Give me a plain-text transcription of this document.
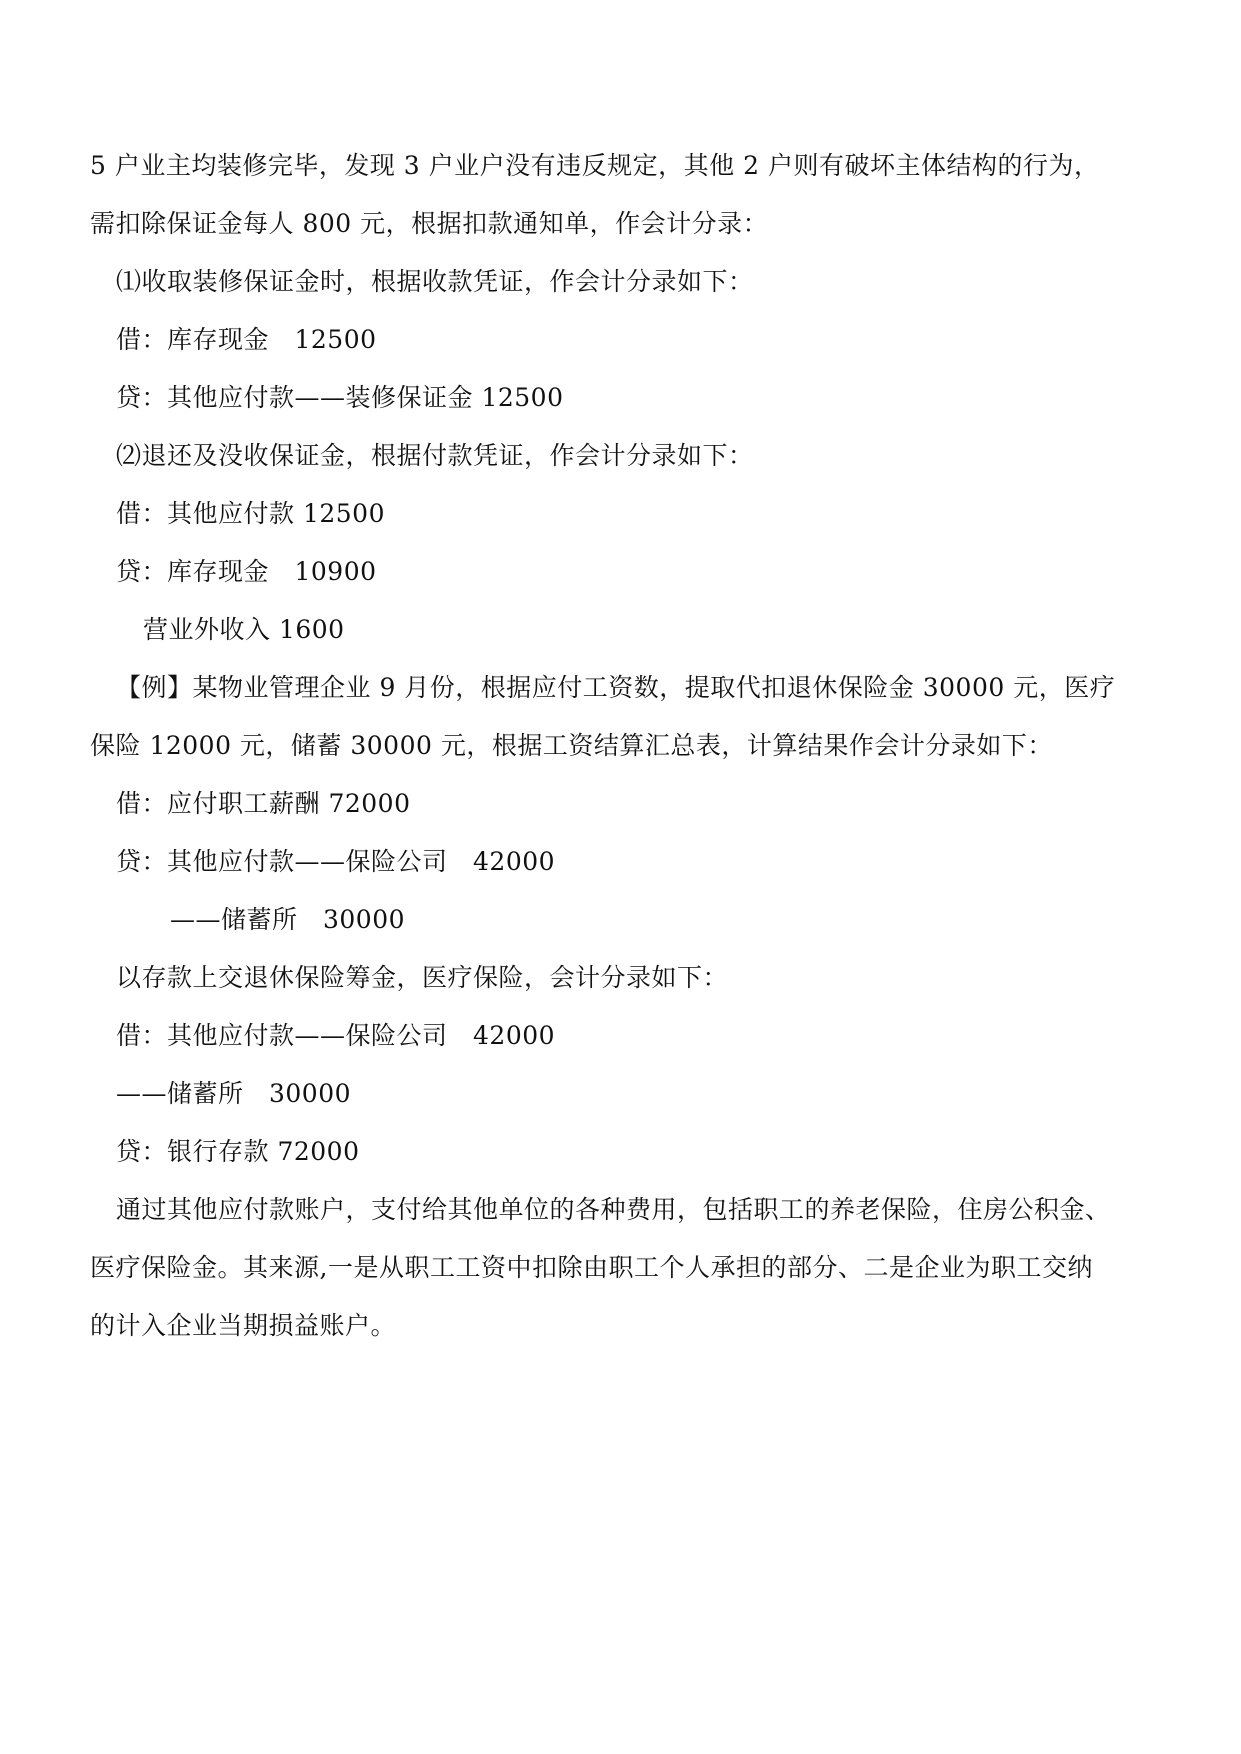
5 户业主均装修完毕，发现 3 户业户没有违反规定，其他 2 户则有破坏主体结构的行为，
需扣除保证金每人 800 元，根据扣款通知单，作会计分录：
⑴收取装修保证金时，根据收款凭证，作会计分录如下：
借：库存现金　12500
贷：其他应付款——装修保证金 12500
⑵退还及没收保证金，根据付款凭证，作会计分录如下：
借：其他应付款 12500
贷：库存现金　10900
营业外收入 1600
【例】某物业管理企业 9 月份，根据应付工资数，提取代扣退休保险金 30000 元，医疗
保险 12000 元，储蓄 30000 元，根据工资结算汇总表，计算结果作会计分录如下：
借：应付职工薪酬 72000
贷：其他应付款——保险公司　42000
——储蓄所　30000
以存款上交退休保险筹金，医疗保险，会计分录如下：
借：其他应付款——保险公司　42000
——储蓄所　30000
贷：银行存款 72000
通过其他应付款账户，支付给其他单位的各种费用，包括职工的养老保险，住房公积金、
医疗保险金。其来源,一是从职工工资中扣除由职工个人承担的部分、二是企业为职工交纳
的计入企业当期损益账户。
